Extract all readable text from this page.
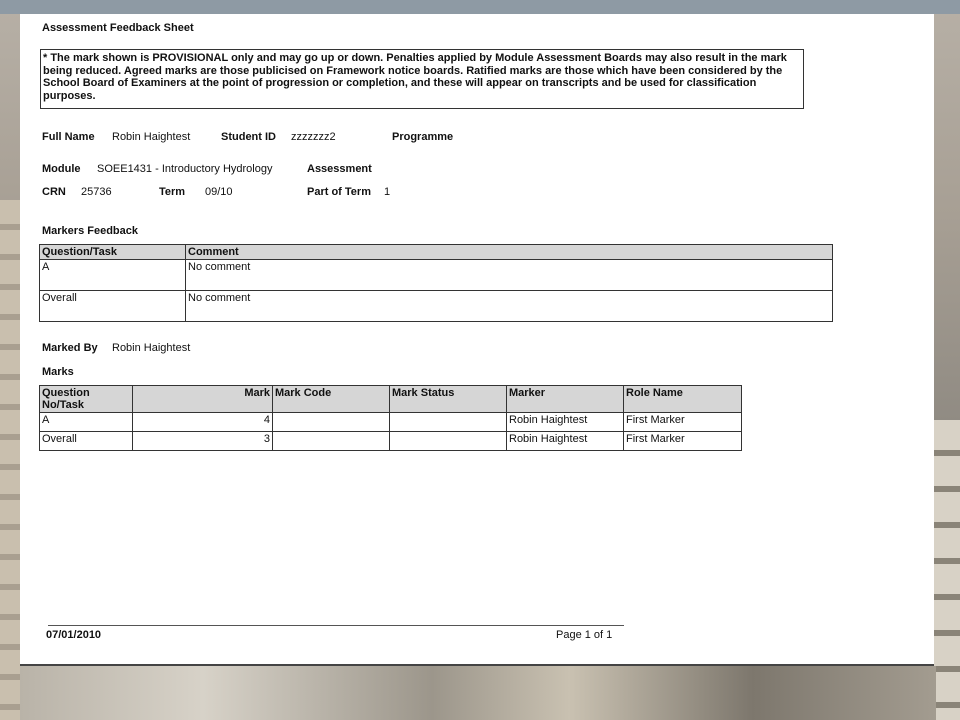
Assessment Feedback Sheet
* The mark shown is PROVISIONAL only and may go up or down. Penalties applied by Module Assessment Boards may also result in the mark being reduced. Agreed marks are those publicised on Framework notice boards. Ratified marks are those which have been considered by the School Board of Examiners at the point of progression or completion, and these will appear on transcripts and be used for classification purposes.
Full Name Robin Haightest	Student ID zzzzzzz2	Programme
Module SOEE1431 - Introductory Hydrology	Assessment
CRN 25736	Term 09/10	Part of Term 1
Markers Feedback
Question/Task	Comment
A	No comment
Overall	No comment
Marked By Robin Haightest
Marks
Question No/Task	Mark	Mark Code	Mark Status	Marker	Role Name
A	4			Robin Haightest	First Marker
Overall	3			Robin Haightest	First Marker
07/01/2010	Page 1 of 1
